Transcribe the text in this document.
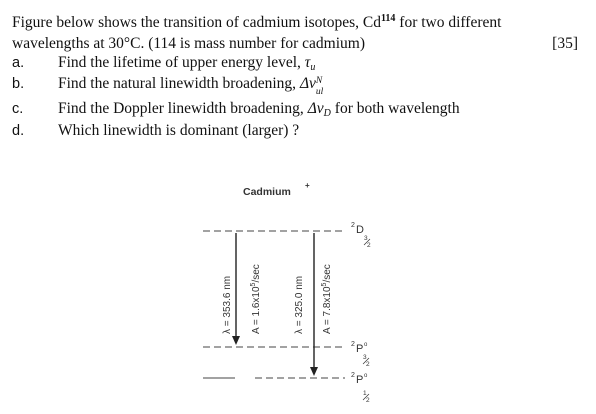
Figure below shows the transition of cadmium isotopes, Cd$^{114}$ for two different
wavelengths at 30°C. (114 is mass number for cadmium)	[35]
a.	Find the lifetime of upper energy level, $\tau_u$
b.	Find the natural linewidth broadening, Δν N
ul
c.	Find the Doppler linewidth broadening, $\Delta\nu_D$ for both wavelength
d.	Which linewidth is dominant (larger) ?
Cadmium
+
λ = 353.6 nm $A = 1.6x10^5/\sec$
λ = 325.0 nm $A = 7.8x10^5/\sec$
2 D
3
2
2 P o
3
2
2 P o
1
2
